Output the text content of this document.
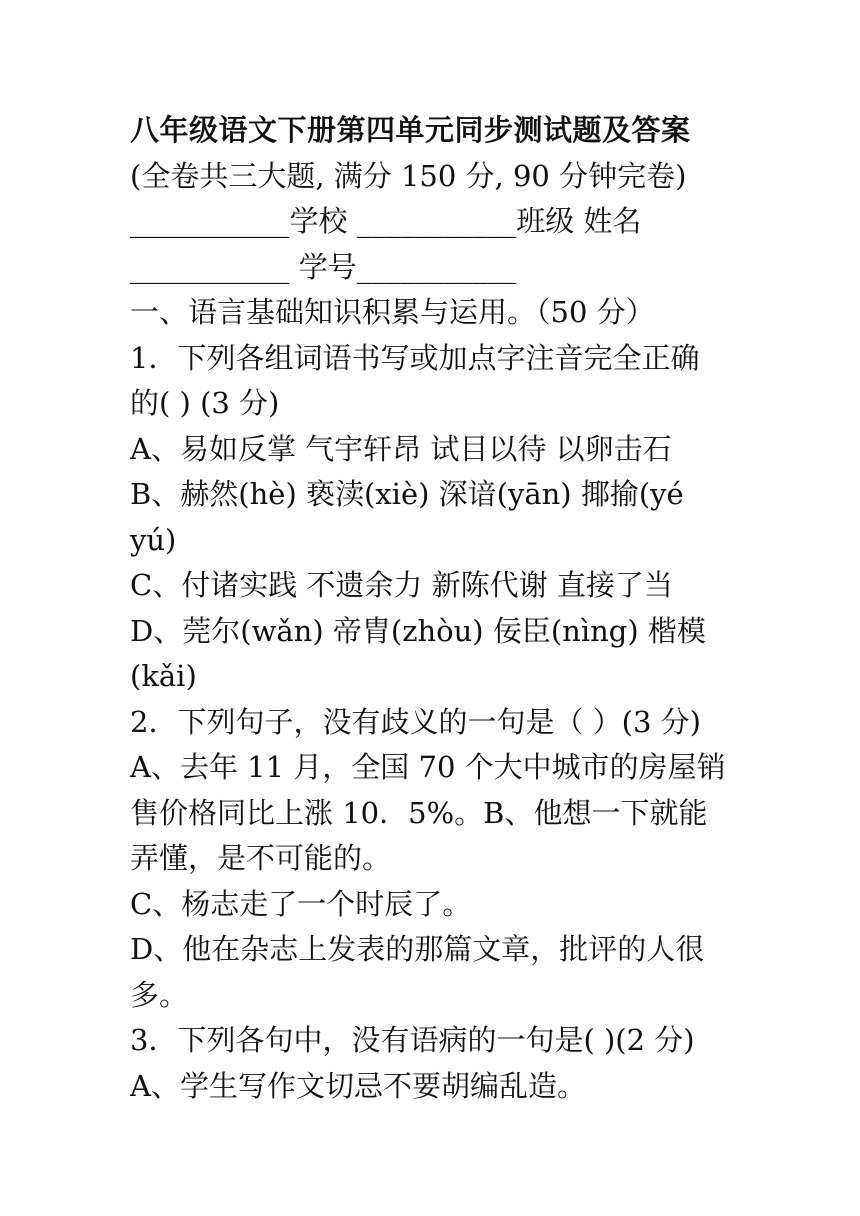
八年级语文下册第四单元同步测试题及答案
(全卷共三大题, 满分 150 分, 90 分钟完卷)
___________学校 ___________班级 姓名
___________ 学号___________
一、语言基础知识积累与运用。（50 分）
1．下列各组词语书写或加点字注音完全正确
的( ) (3 分)
A、易如反掌 气宇轩昂 试目以待 以卵击石
B、赫然(hè) 亵渎(xiè) 深谙(yān) 揶揄(yé
yú)
C、付诸实践 不遗余力 新陈代谢 直接了当
D、莞尔(wǎn) 帝胄(zhòu) 佞臣(nìng) 楷模
(kǎi)
2．下列句子，没有歧义的一句是（ ）(3 分)
A、去年 11 月，全国 70 个大中城市的房屋销
售价格同比上涨 10．5%。B、他想一下就能
弄懂，是不可能的。
C、杨志走了一个时辰了。
D、他在杂志上发表的那篇文章，批评的人很
多。
3．下列各句中，没有语病的一句是( )(2 分)
A、学生写作文切忌不要胡编乱造。
